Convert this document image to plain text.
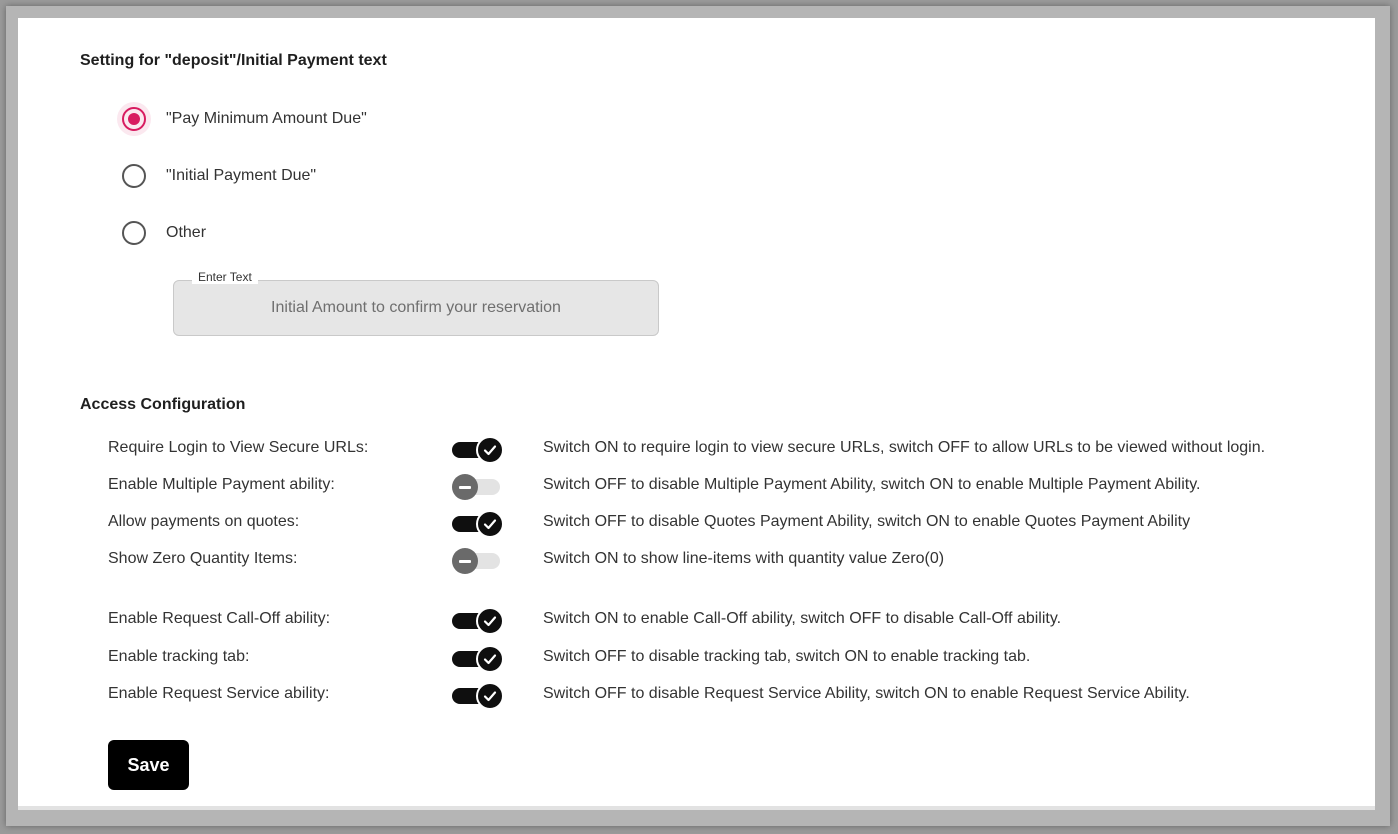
Setting for "deposit"/Initial Payment text
"Pay Minimum Amount Due"
"Initial Payment Due"
Other
Initial Amount to confirm your reservation
Enter Text
Access Configuration
Require Login to View Secure URLs:	Switch ON to require login to view secure URLs, switch OFF to allow URLs to be viewed without login.
Enable Multiple Payment ability:	Switch OFF to disable Multiple Payment Ability, switch ON to enable Multiple Payment Ability.
Allow payments on quotes:	Switch OFF to disable Quotes Payment Ability, switch ON to enable Quotes Payment Ability
Show Zero Quantity Items:	Switch ON to show line-items with quantity value Zero(0)
Enable Request Call-Off ability:	Switch ON to enable Call-Off ability, switch OFF to disable Call-Off ability.
Enable tracking tab:	Switch OFF to disable tracking tab, switch ON to enable tracking tab.
Enable Request Service ability:	Switch OFF to disable Request Service Ability, switch ON to enable Request Service Ability.
Save
